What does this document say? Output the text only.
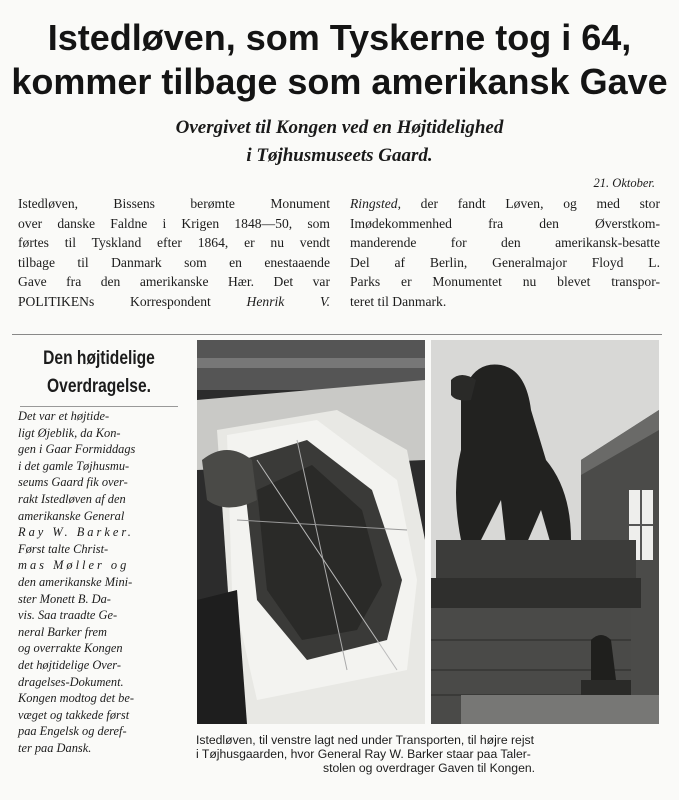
Istedløven, som Tyskerne tog i 64,
kommer tilbage som amerikansk Gave
Overgivet til Kongen ved en Højtidelighed
i Tøjhusmuseets Gaard.
21. Oktober.
Istedløven, Bissens berømte Monument
over danske Faldne i Krigen 1848—50, som
førtes til Tyskland efter 1864, er nu vendt
tilbage til Danmark som en enestaaende
Gave fra den amerikanske Hær. Det var
POLITIKENs Korrespondent Henrik V.
Ringsted, der fandt Løven, og med stor
Imødekommenhed fra den Øverstkom-
manderende for den amerikansk-besatte
Del af Berlin, Generalmajor Floyd L.
Parks er Monumentet nu blevet transpor-
teret til Danmark.
Den højtidelige
Overdragelse.
Det var et højtide-
ligt Øjeblik, da Kon-
gen i Gaar Formiddags
i det gamle Tøjhusmu-
seums Gaard fik over-
rakt Istedløven af den
amerikanske General
Ray W. Barker.
Først talte Christ-
mas Møller og
den amerikanske Mini-
ster Monett B. Da-
vis. Saa traadte Ge-
neral Barker frem
og overrakte Kongen
det højtidelige Over-
dragelses-Dokument.
Kongen modtog det be-
væget og takkede først
paa Engelsk og deref-
ter paa Dansk.
Istedløven, til venstre lagt ned under Transporten, til højre rejst
i Tøjhusgaarden, hvor General Ray W. Barker staar paa Taler-
stolen og overdrager Gaven til Kongen.
